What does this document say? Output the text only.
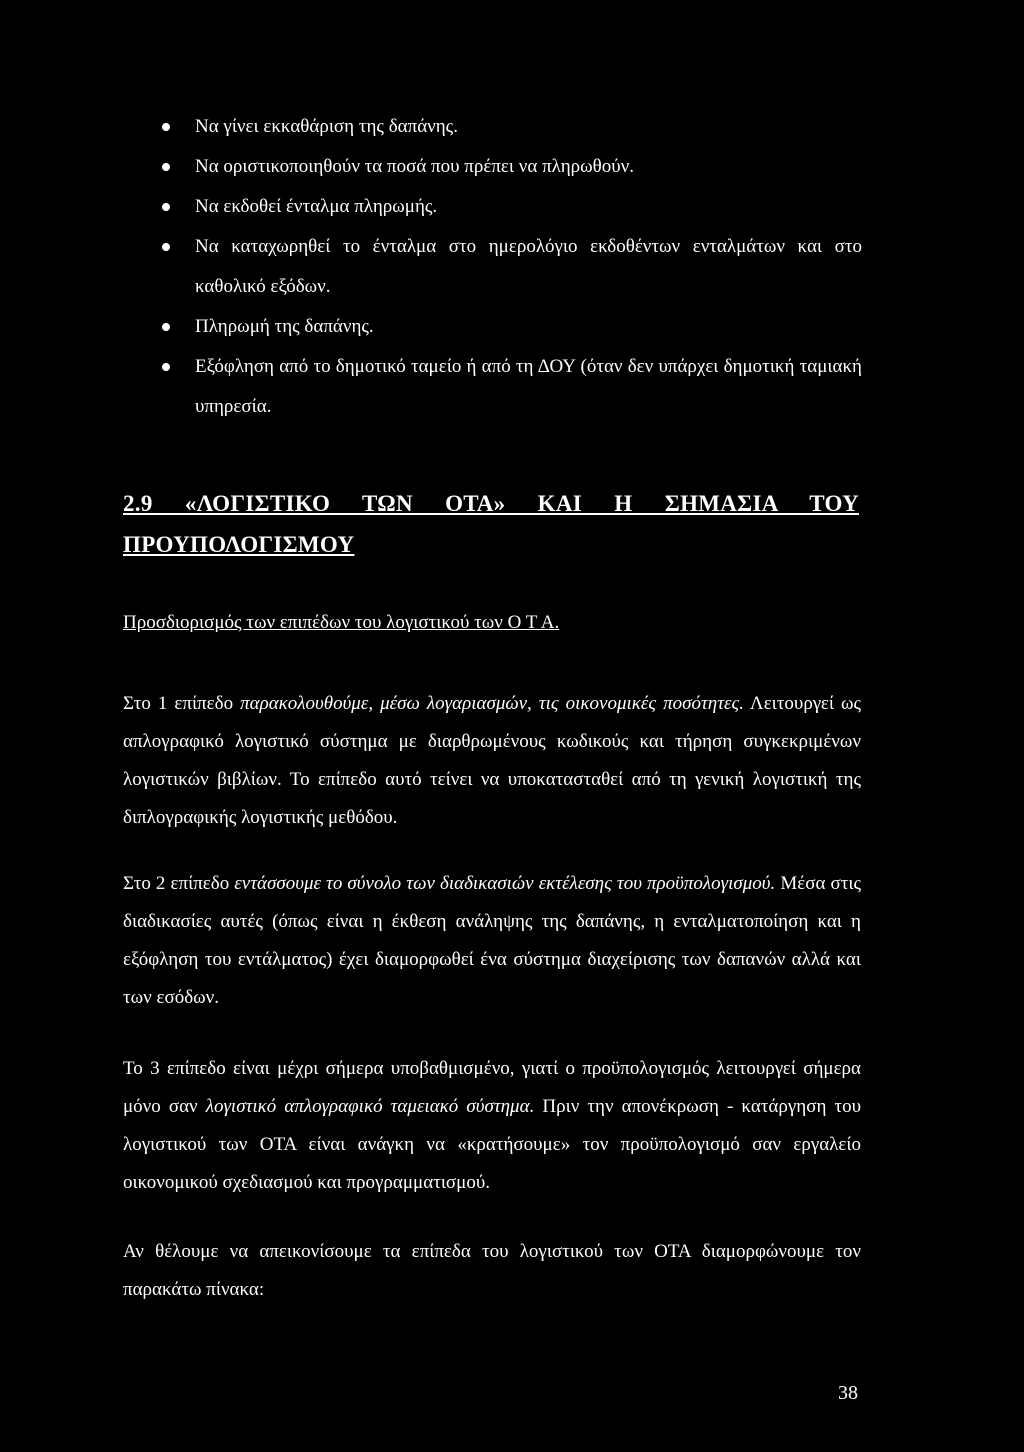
Να γίνει εκκαθάριση της δαπάνης.
Να οριστικοποιηθούν τα ποσά που πρέπει να πληρωθούν.
Να εκδοθεί ένταλμα πληρωμής.
Να καταχωρηθεί το ένταλμα στο ημερολόγιο εκδοθέντων ενταλμάτων και στο καθολικό εξόδων.
Πληρωμή της δαπάνης.
Εξόφληση από το δημοτικό ταμείο ή από τη ΔΟΥ (όταν δεν υπάρχει δημοτική ταμιακή υπηρεσία.
2.9 «ΛΟΓΙΣΤΙΚΟ ΤΩΝ ΟΤΑ» ΚΑΙ Η ΣΗΜΑΣΙΑ ΤΟΥ ΠΡΟΥΠΟΛΟΓΙΣΜΟΥ
Προσδιορισμός των επιπέδων του λογιστικού των Ο Τ Α.

Στο 1 επίπεδο παρακολουθούμε, μέσω λογαριασμών, τις οικονομικές ποσότητες. Λειτουργεί ως απλογραφικό λογιστικό σύστημα με διαρθρωμένους κωδικούς και τήρηση συγκεκριμένων λογιστικών βιβλίων. Το επίπεδο αυτό τείνει να υποκατασταθεί από τη γενική λογιστική της διπλογραφικής λογιστικής μεθόδου.

Στο 2 επίπεδο εντάσσουμε το σύνολο των διαδικασιών εκτέλεσης του προϋπολογισμού. Μέσα στις διαδικασίες αυτές (όπως είναι η έκθεση ανάληψης της δαπάνης, η ενταλματοποίηση και η εξόφληση του εντάλματος) έχει διαμορφωθεί ένα σύστημα διαχείρισης των δαπανών αλλά και των εσόδων.

Το 3 επίπεδο είναι μέχρι σήμερα υποβαθμισμένο, γιατί ο προϋπολογισμός λειτουργεί σήμερα μόνο σαν λογιστικό απλογραφικό ταμειακό σύστημα. Πριν την απονέκρωση - κατάργηση του λογιστικού των ΟΤΑ είναι ανάγκη να «κρατήσουμε» τον προϋπολογισμό σαν εργαλείο οικονομικού σχεδιασμού και προγραμματισμού.

Αν θέλουμε να απεικονίσουμε τα επίπεδα του λογιστικού των ΟΤΑ διαμορφώνουμε τον παρακάτω πίνακα:

38
